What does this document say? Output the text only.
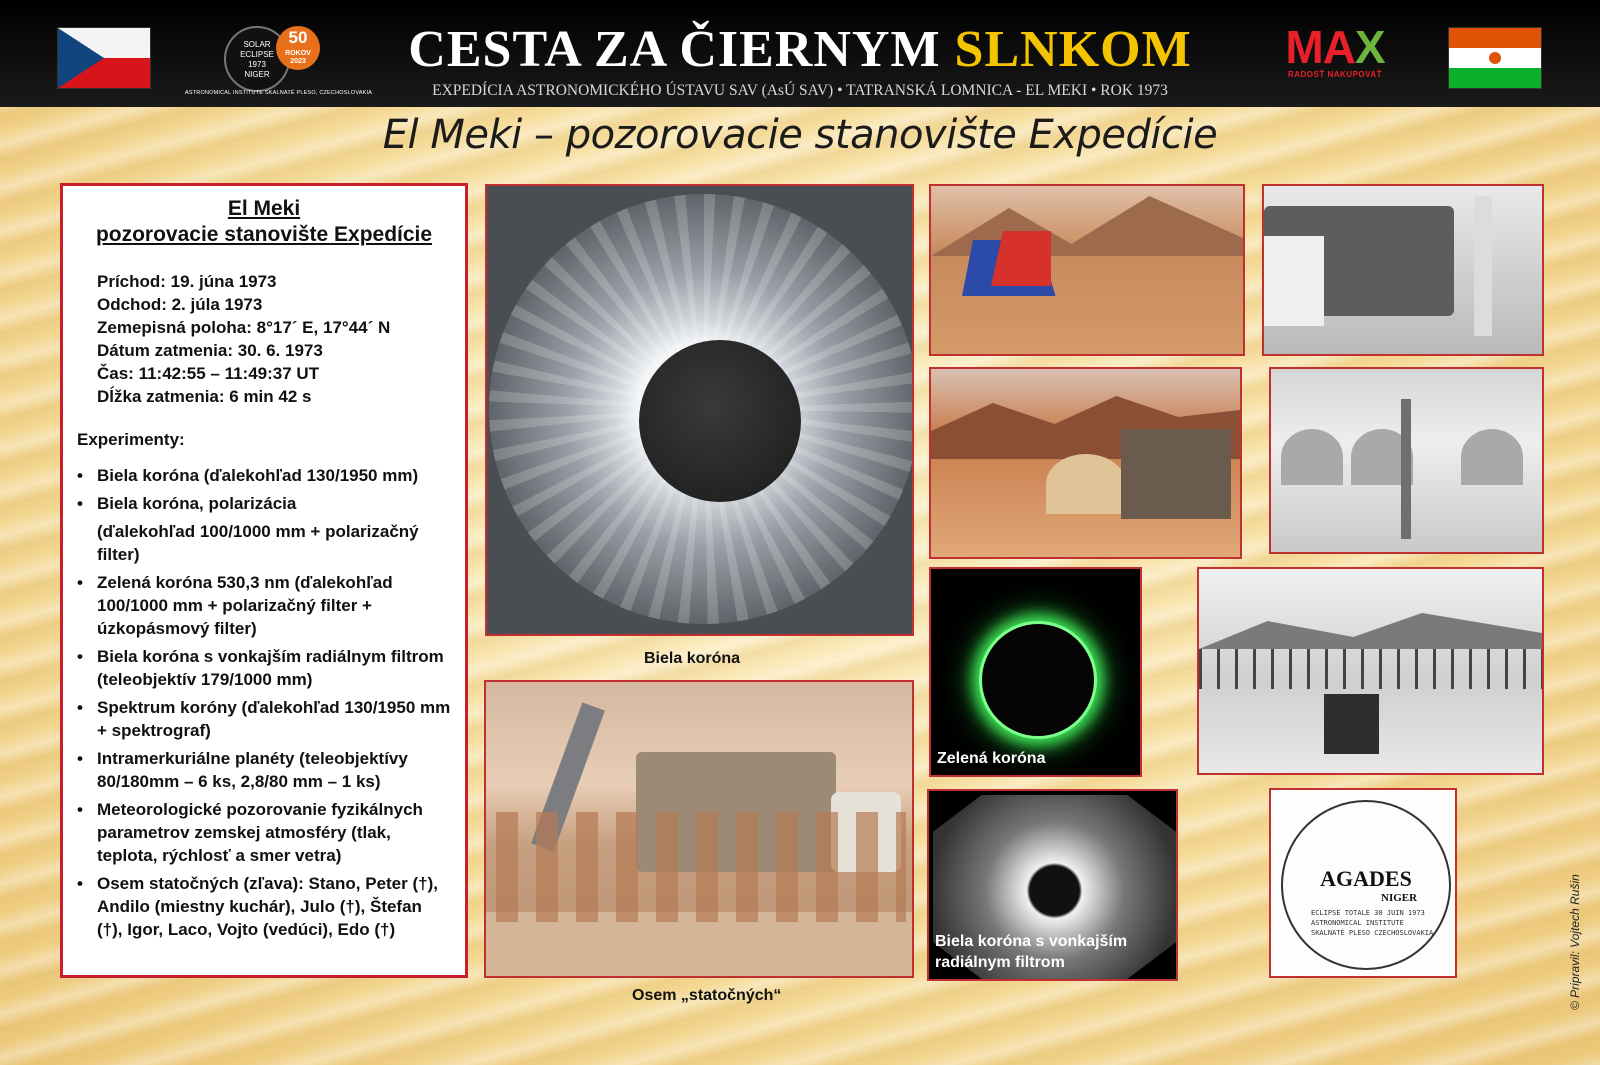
SOLAR
ECLIPSE
1973
NIGER
50
ROKOV
2023
ASTRONOMICAL INSTITUTE SKALNATÉ PLESO, CZECHOSLOVAKIA
CESTA ZA ČIERNYM SLNKOM
EXPEDÍCIA ASTRONOMICKÉHO ÚSTAVU SAV (AsÚ SAV) • TATRANSKÁ LOMNICA - EL MEKI • ROK 1973
MAX
RADOSŤ NAKUPOVAŤ
El Meki – pozorovacie stanovište Expedície
El Meki
pozorovacie stanovište Expedície
Príchod: 19. júna 1973
Odchod: 2. júla 1973
Zemepisná poloha: 8°17´ E, 17°44´ N
Dátum zatmenia: 30. 6. 1973
Čas: 11:42:55 – 11:49:37 UT
Dĺžka zatmenia: 6 min 42 s
Experimenty:
• Biela koróna (ďalekohľad 130/1950 mm)
• Biela koróna, polarizácia
(ďalekohľad 100/1000 mm + polarizačný filter)
• Zelená koróna 530,3 nm (ďalekohľad 100/1000 mm + polarizačný filter + úzkopásmový filter)
• Biela koróna s vonkajším radiálnym filtrom (teleobjektív 179/1000 mm)
• Spektrum koróny (ďalekohľad 130/1950 mm + spektrograf)
• Intramerkuriálne planéty (teleobjektívy 80/180mm – 6 ks, 2,8/80 mm – 1 ks)
• Meteorologické pozorovanie fyzikálnych parametrov zemskej atmosféry (tlak, teplota, rýchlosť a smer vetra)
• Osem statočných (zľava): Stano, Peter (†), Andilo (miestny kuchár), Julo (†), Štefan (†), Igor, Laco, Vojto (vedúci), Edo (†)
Biela koróna
Osem „statočných“
Zelená koróna
Biela koróna s vonkajším
radiálnym filtrom
AGADES
NIGER
ECLIPSE TOTALE 30 JUIN 1973 ASTRONOMICAL INSTITUTE SKALNATÉ PLESO CZECHOSLOVAKIA	© Pripravil: Vojtech Rušin
